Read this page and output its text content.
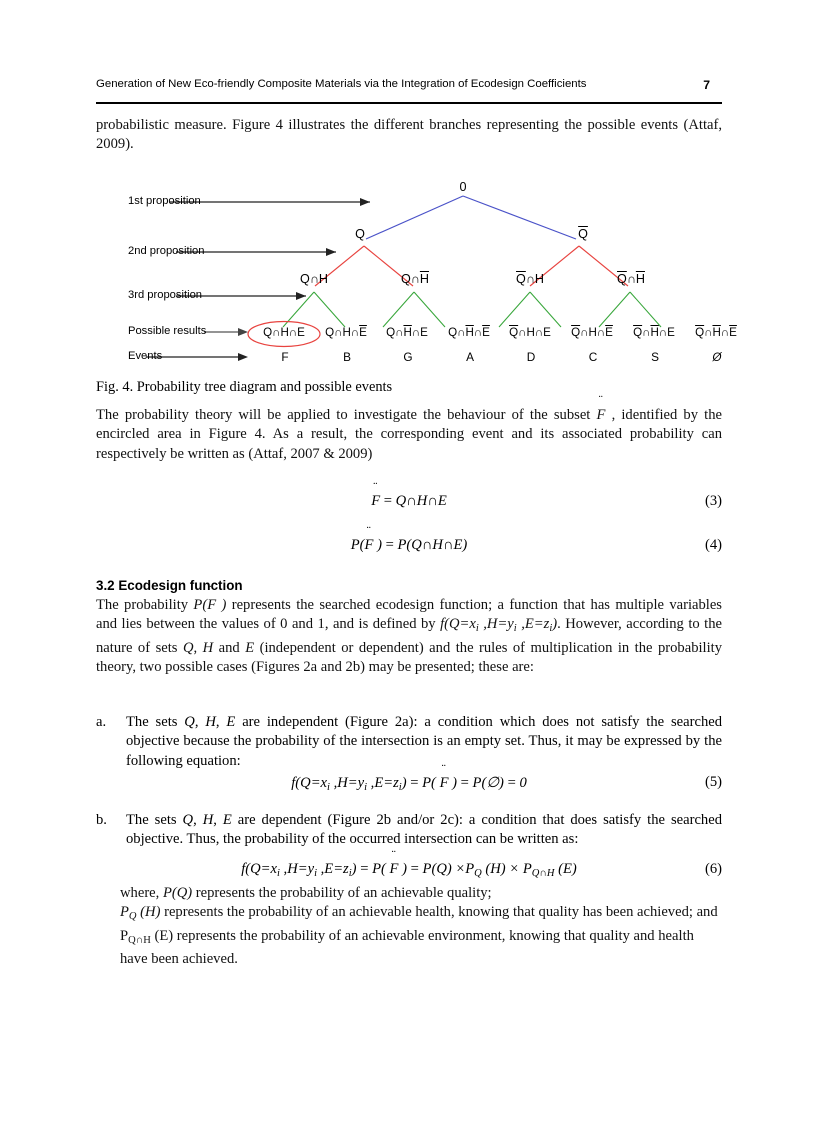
Generation of New Eco-friendly Composite Materials via the Integration of Ecodesign Coefficients	7
probabilistic measure. Figure 4 illustrates the different branches representing the possible events (Attaf, 2009).
1st proposition
2nd proposition
3rd proposition
Possible results
Events
0
Q	$\overline{Q}$
Q∩H	$Q\cap\overline{H}$	$\overline{Q}\cap H$	$\overline{Q}\cap\overline{H}$
Q∩H∩E $Q\cap H\cap\overline{E}$ $Q\cap\overline{H}\cap E$ $Q\cap\overline{H}\cap\overline{E}$ $\overline{Q}\cap H\cap E$ $\overline{Q}\cap H\cap\overline{E}$ $\overline{Q}\cap\overline{H}\cap E$ $\overline{Q}\cap\overline{H}\cap\overline{E}$
F	B	G	A	D	C	S	Ø
Fig. 4. Probability tree diagram and possible events
The probability theory will be applied to investigate the behaviour of the subset F ¨ , identified by the encircled area in Figure 4. As a result, the corresponding event and its associated probability can respectively be written as (Attaf, 2007 & 2009)
F ¨ = Q∩H∩E	(3)
P(F ¨ ) = P(Q∩H∩E)	(4)
3.2 Ecodesign function
The probability P(F ¨ ) represents the searched ecodesign function; a function that has multiple variables and lies between the values of 0 and 1, and is defined by $f(Q=x_i$ $,H=y_i$ $,E=z_i$). However, according to the nature of sets Q, H and E (independent or dependent) and the rules of multiplication in the probability theory, two possible cases (Figures 2a and 2b) may be presented; these are:
a.	The sets Q, H, E are independent (Figure 2a): a condition which does not satisfy the searched objective because the probability of the intersection is an empty set. Thus, it may be expressed by the following equation:
$f(Q=x_i$ $,H=y_i$ $,E=z_i) = P$( F ¨ ) = P(∅) = 0	(5)
b.	The sets Q, H, E are dependent (Figure 2b and/or 2c): a condition that does satisfy the searched objective. Thus, the probability of the occurred intersection can be written as:
$f(Q=x_i$ $,H=y_i$ $,E=z_i) = P$( F ¨ ) = $P(Q) \times P_Q$ $(H) \times P_{Q\cap H}$ (E)	(6)
where, P(Q) represents the probability of an achievable quality;
$P_Q$ (H) represents the probability of an achievable health, knowing that quality has been achieved; and
$P_{Q\cap H}$ (E) represents the probability of an achievable environment, knowing that quality and health have been achieved.
